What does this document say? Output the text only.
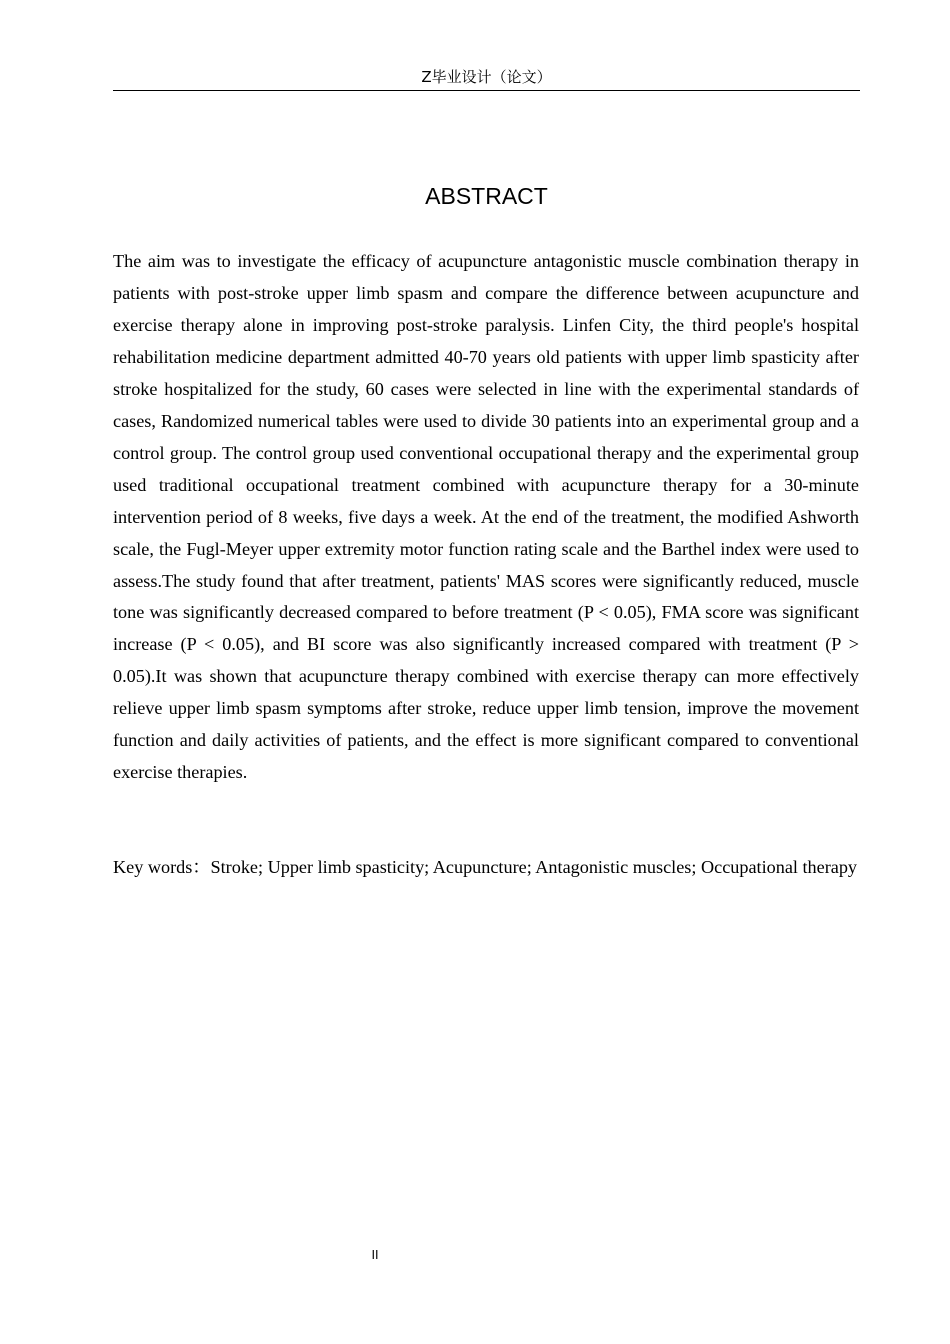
Z毕业设计（论文）
ABSTRACT

The aim was to investigate the efficacy of acupuncture antagonistic muscle combination therapy in patients with post-stroke upper limb spasm and compare the difference between acupuncture and exercise therapy alone in improving post-stroke paralysis. Linfen City, the third people's hospital rehabilitation medicine department admitted 40-70 years old patients with upper limb spasticity after stroke hospitalized for the study, 60 cases were selected in line with the experimental standards of cases, Randomized numerical tables were used to divide 30 patients into an experimental group and a control group. The control group used conventional occupational therapy and the experimental group used traditional occupational treatment combined with acupuncture therapy for a 30-minute intervention period of 8 weeks, five days a week. At the end of the treatment, the modified Ashworth scale, the Fugl-Meyer upper extremity motor function rating scale and the Barthel index were used to assess.The study found that after treatment, patients' MAS scores were significantly reduced, muscle tone was significantly decreased compared to before treatment (P < 0.05), FMA score was significant increase (P < 0.05), and BI score was also significantly increased compared with treatment (P > 0.05).It was shown that acupuncture therapy combined with exercise therapy can more effectively relieve upper limb spasm symptoms after stroke, reduce upper limb tension, improve the movement function and daily activities of patients, and the effect is more significant compared to conventional exercise therapies.

Key words：Stroke; Upper limb spasticity; Acupuncture; Antagonistic muscles; Occupational therapy

II
